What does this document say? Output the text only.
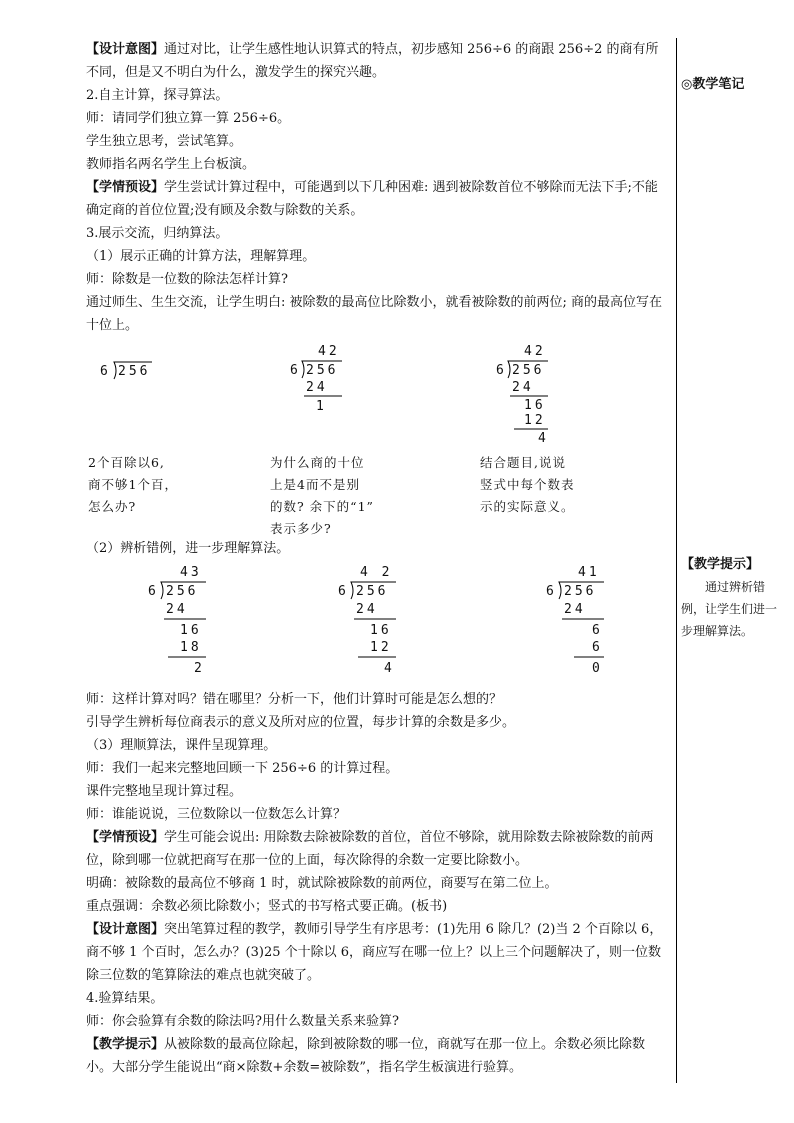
【设计意图】通过对比，让学生感性地认识算式的特点，初步感知 256÷6 的商跟 256÷2 的商有所不同，但是又不明白为什么，激发学生的探究兴趣。

2.自主计算，探寻算法。

师：请同学们独立算一算 256÷6。

学生独立思考，尝试笔算。

教师指名两名学生上台板演。

【学情预设】学生尝试计算过程中，可能遇到以下几种困难: 遇到被除数首位不够除而无法下手;不能确定商的首位位置;没有顾及余数与除数的关系。

3.展示交流，归纳算法。

（1）展示正确的计算方法，理解算理。

师：除数是一位数的除法怎样计算?

通过师生、生生交流，让学生明白: 被除数的最高位比除数小，就看被除数的前两位; 商的最高位写在十位上。

6 256
42
6 256
24
1
42
6 256
24
16
12
4
2个百除以6,
商不够1个百，
怎么办?
为什么商的十位
上是4而不是别
的数? 余下的“1”
表示多少?
结合题目,说说
竖式中每个数表
示的实际意义。
（2）辨析错例，进一步理解算法。
43
6 256
24
16
18
2
4 2
6 256
24
16
12
4
41
6 256
24
6
6
0

师：这样计算对吗？错在哪里？分析一下，他们计算时可能是怎么想的？

引导学生辨析每位商表示的意义及所对应的位置，每步计算的余数是多少。

（3）理顺算法，课件呈现算理。

师：我们一起来完整地回顾一下 256÷6 的计算过程。

课件完整地呈现计算过程。

师：谁能说说，三位数除以一位数怎么计算？

【学情预设】学生可能会说出: 用除数去除被除数的首位，首位不够除，就用除数去除被除数的前两位，除到哪一位就把商写在那一位的上面，每次除得的余数一定要比除数小。

明确：被除数的最高位不够商 1 时，就试除被除数的前两位，商要写在第二位上。

重点强调：余数必须比除数小；竖式的书写格式要正确。(板书)

【设计意图】突出笔算过程的教学，教师引导学生有序思考：(1)先用 6 除几？(2)当 2 个百除以 6，商不够 1 个百时，怎么办？(3)25 个十除以 6，商应写在哪一位上？以上三个问题解决了，则一位数除三位数的笔算除法的难点也就突破了。

4.验算结果。

师：你会验算有余数的除法吗?用什么数量关系来验算?

【教学提示】从被除数的最高位除起，除到被除数的哪一位，商就写在那一位上。余数必须比除数小。大部分学生能说出“商×除数+余数=被除数”，指名学生板演进行验算。

◎教学笔记
【教学提示】
通过辨析错例，让学生们进一步理解算法。
